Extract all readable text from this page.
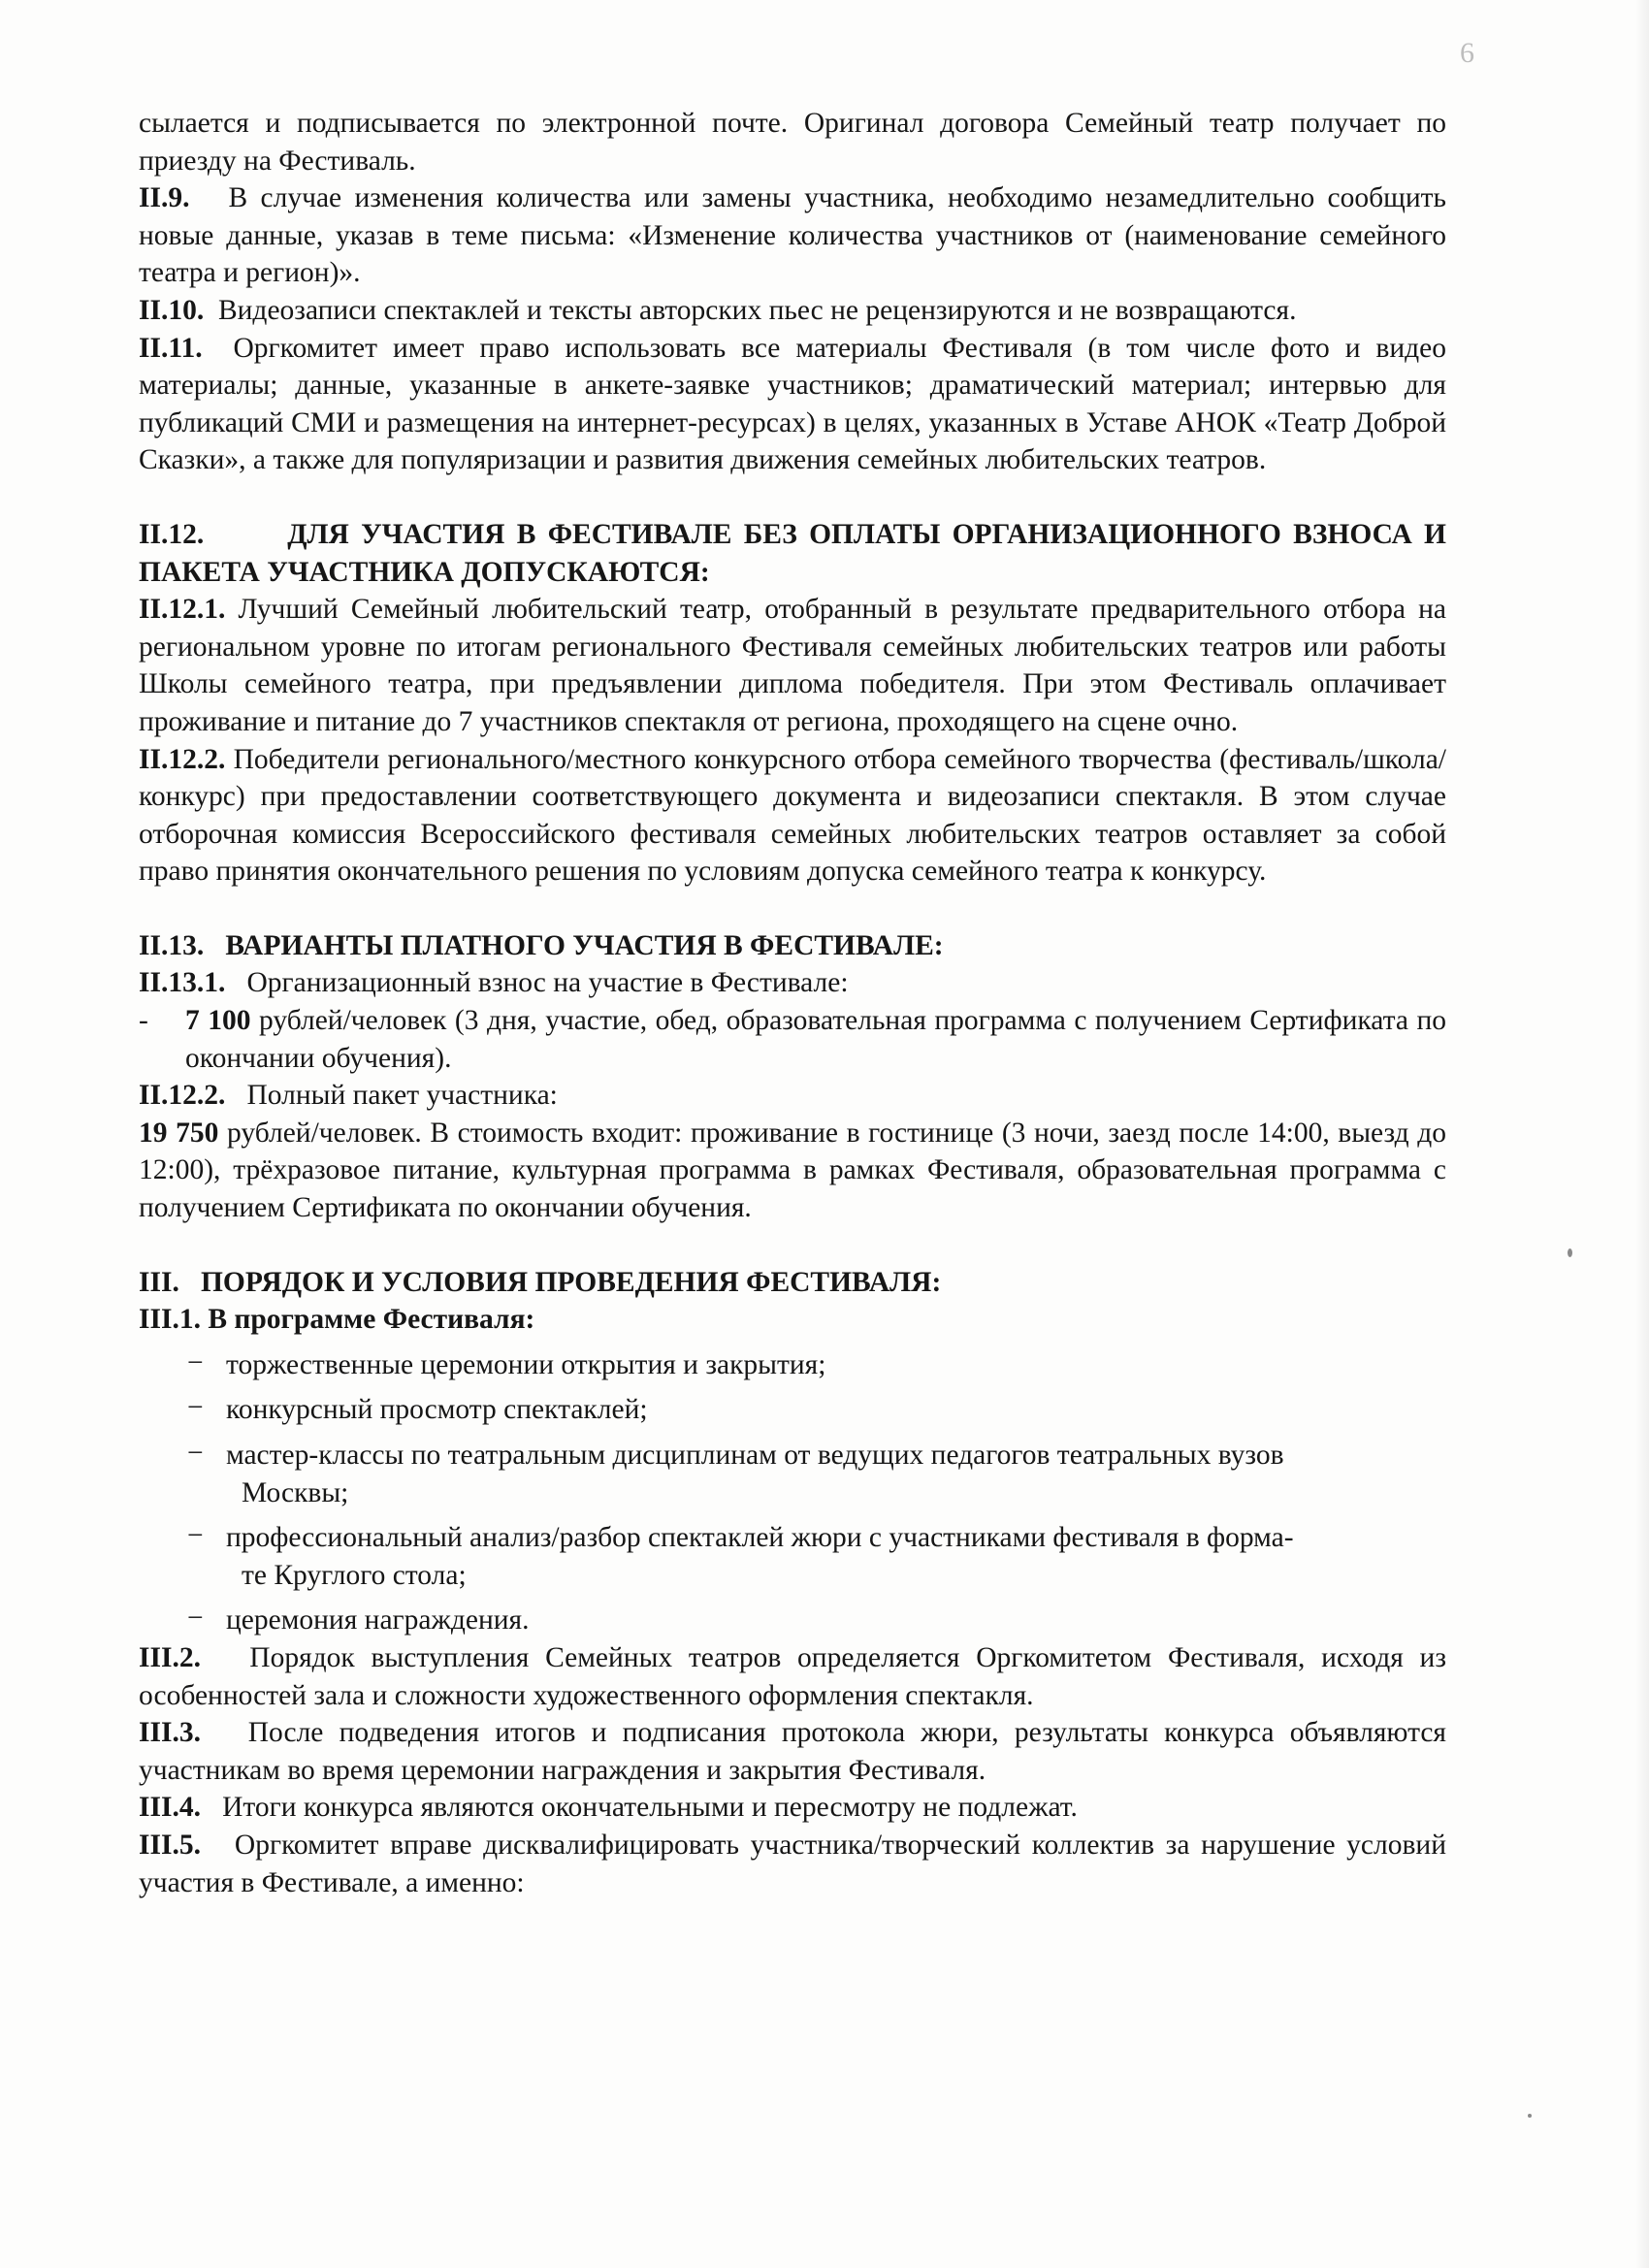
6

сылается и подписывается по электронной почте. Оригинал договора Семейный театр получает по приезду на Фестиваль.

II.9. В случае изменения количества или замены участника, необходимо незамедлительно сообщить новые данные, указав в теме письма: «Изменение количества участников от (наименование семейного театра и регион)».

II.10. Видеозаписи спектаклей и тексты авторских пьес не рецензируются и не возвращаются.

II.11. Оргкомитет имеет право использовать все материалы Фестиваля (в том числе фото и видео материалы; данные, указанные в анкете-заявке участников; драматический материал; интервью для публикаций СМИ и размещения на интернет-ресурсах) в целях, указанных в Уставе АНОК «Театр Доброй Сказки», а также для популяризации и развития движения семейных любительских театров.

II.12.	ДЛЯ УЧАСТИЯ В ФЕСТИВАЛЕ БЕЗ ОПЛАТЫ ОРГАНИЗАЦИОННОГО ВЗНОСА И ПАКЕТА УЧАСТНИКА ДОПУСКАЮТСЯ:

II.12.1. Лучший Семейный любительский театр, отобранный в результате предварительного отбора на региональном уровне по итогам регионального Фестиваля семейных любительских театров или работы Школы семейного театра, при предъявлении диплома победителя. При этом Фестиваль оплачивает проживание и питание до 7 участников спектакля от региона, проходящего на сцене очно.

II.12.2. Победители регионального/местного конкурсного отбора семейного творчества (фестиваль/школа/конкурс) при предоставлении соответствующего документа и видеозаписи спектакля. В этом случае отборочная комиссия Всероссийского фестиваля семейных любительских театров оставляет за собой право принятия окончательного решения по условиям допуска семейного театра к конкурсу.

II.13. ВАРИАНТЫ ПЛАТНОГО УЧАСТИЯ В ФЕСТИВАЛЕ:

II.13.1. Организационный взнос на участие в Фестивале:

- 7 100 рублей/человек (3 дня, участие, обед, образовательная программа с получением Сертификата по окончании обучения).

II.12.2. Полный пакет участника:

19 750 рублей/человек. В стоимость входит: проживание в гостинице (3 ночи, заезд после 14:00, выезд до 12:00), трёхразовое питание, культурная программа в рамках Фестиваля, образовательная программа с получением Сертификата по окончании обучения.

III. ПОРЯДОК И УСЛОВИЯ ПРОВЕДЕНИЯ ФЕСТИВАЛЯ:

III.1. В программе Фестиваля:

− торжественные церемонии открытия и закрытия;

− конкурсный просмотр спектаклей;

− мастер-классы по театральным дисциплинам от ведущих педагогов театральных вузов
Москвы;

− профессиональный анализ/разбор спектаклей жюри с участниками фестиваля в форма-
те Круглого стола;

− церемония награждения.

III.2. Порядок выступления Семейных театров определяется Оргкомитетом Фестиваля, исходя из особенностей зала и сложности художественного оформления спектакля.

III.3. После подведения итогов и подписания протокола жюри, результаты конкурса объявляются участникам во время церемонии награждения и закрытия Фестиваля.

III.4. Итоги конкурса являются окончательными и пересмотру не подлежат.

III.5. Оргкомитет вправе дисквалифицировать участника/творческий коллектив за нарушение условий участия в Фестивале, а именно:
